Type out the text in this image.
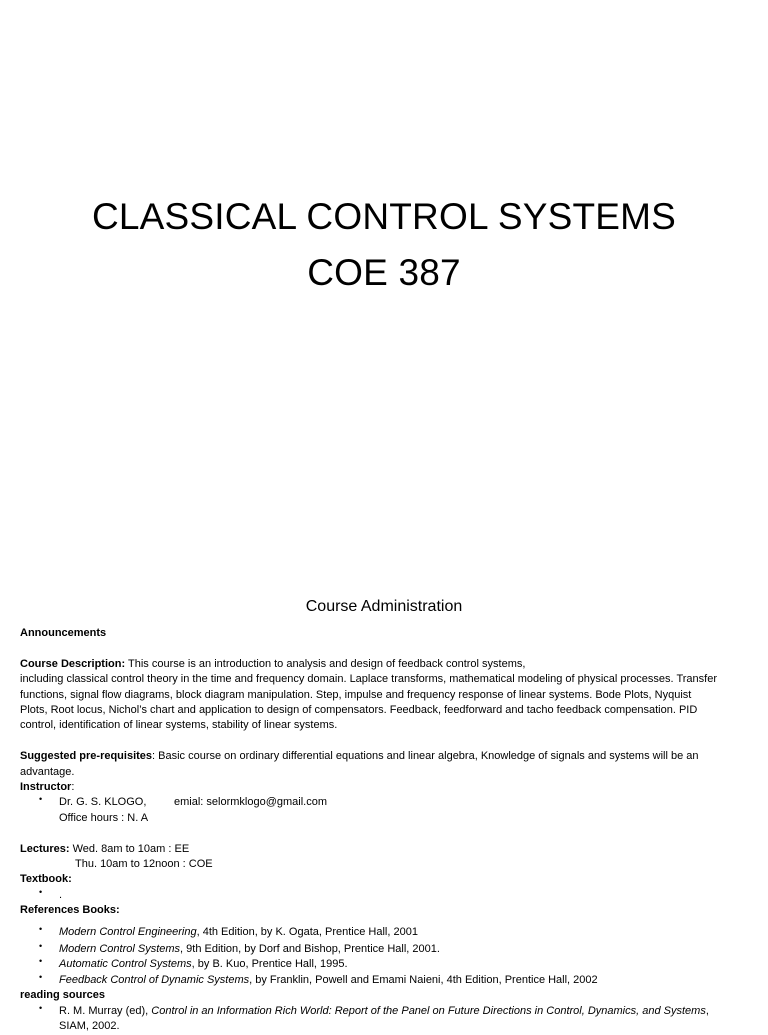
CLASSICAL CONTROL SYSTEMS
COE 387
Course Administration
Announcements
Course Description: This course is an introduction to analysis and design of feedback control systems,
including classical control theory in the time and frequency domain. Laplace transforms, mathematical modeling of physical processes. Transfer functions, signal flow diagrams, block diagram manipulation. Step, impulse and frequency response of linear systems. Bode Plots, Nyquist Plots, Root locus, Nichol’s chart and application to design of compensators. Feedback, feedforward and tacho feedback compensation. PID control, identification of linear systems, stability of linear systems.
Suggested pre-requisites: Basic course on ordinary differential equations and linear algebra, Knowledge of signals and systems will be an advantage.
Instructor:
• Dr. G. S. KLOGO,	emial: selormklogo@gmail.com
Office hours : N. A
Lectures: Wed. 8am to 10am : EE
Thu. 10am to 12noon : COE
Textbook:
• .
References Books:
• Modern Control Engineering, 4th Edition, by K. Ogata, Prentice Hall, 2001
• Modern Control Systems, 9th Edition, by Dorf and Bishop, Prentice Hall, 2001.
• Automatic Control Systems, by B. Kuo, Prentice Hall, 1995.
• Feedback Control of Dynamic Systems, by Franklin, Powell and Emami Naieni, 4th Edition, Prentice Hall, 2002
reading sources
• R. M. Murray (ed), Control in an Information Rich World: Report of the Panel on Future Directions in Control, Dynamics, and Systems, SIAM, 2002.
